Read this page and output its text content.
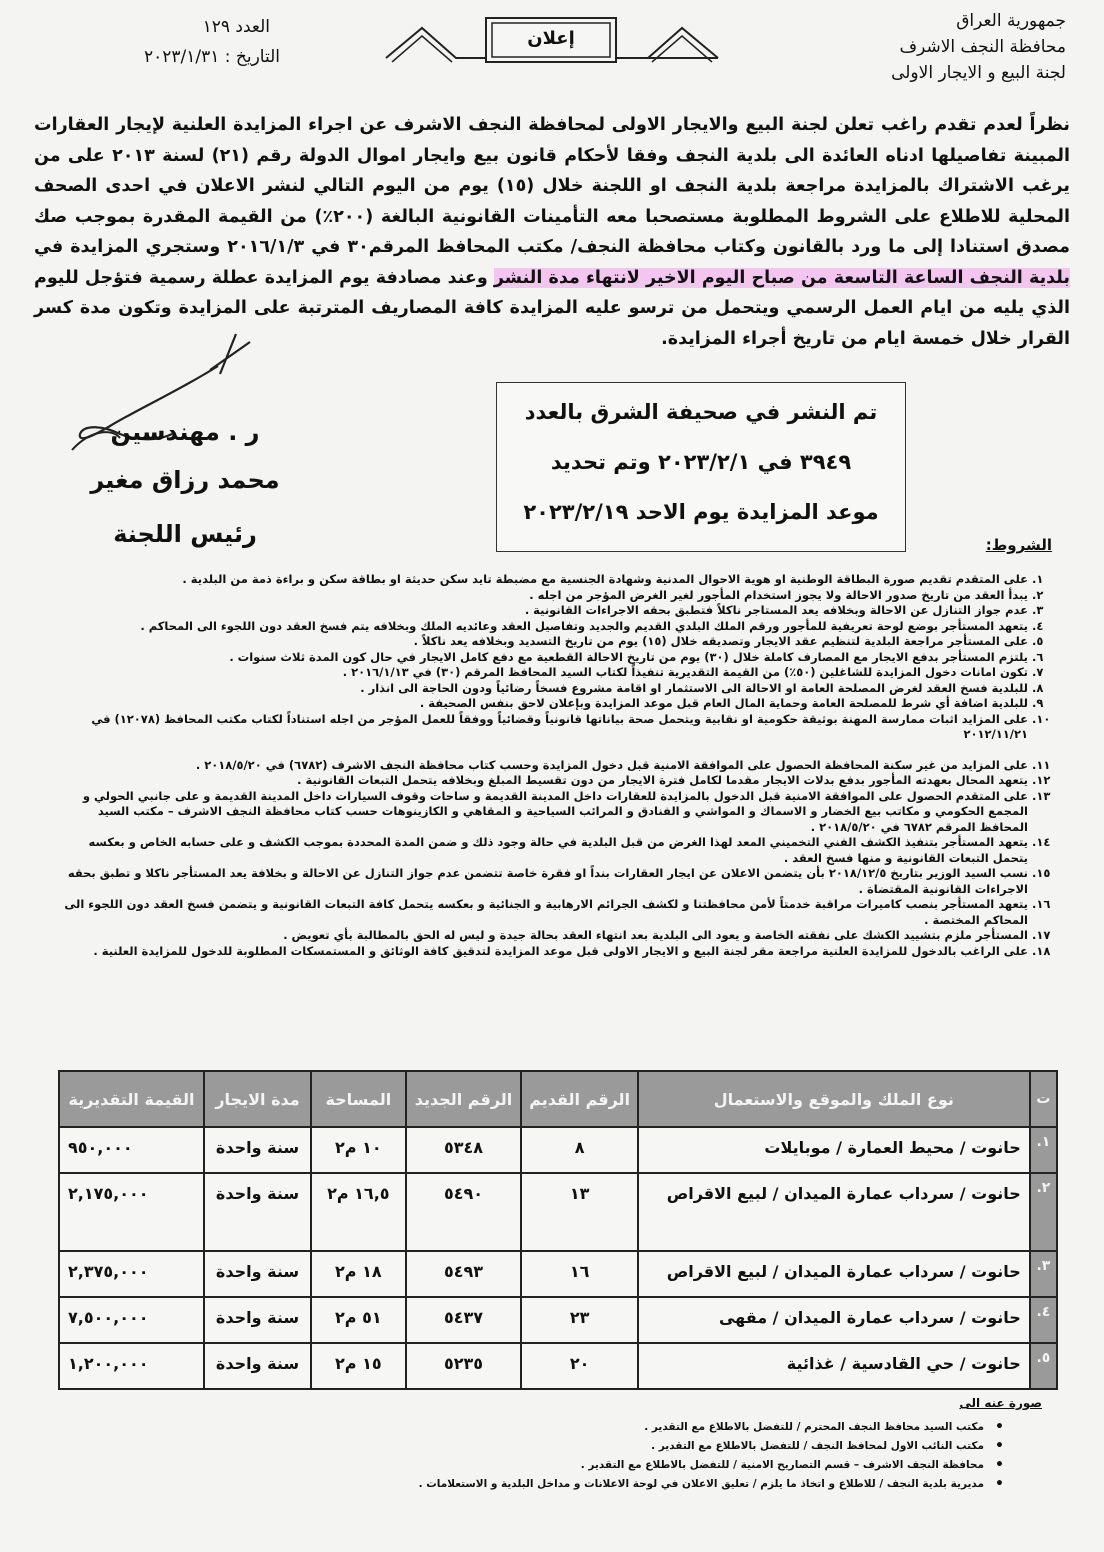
جمهورية العراق
محافظة النجف الاشرف
لجنة البيع و الايجار الاولى
إعلان
العدد ١٢٩
التاريخ : ٢٠٢٣/١/٣١
نظراً لعدم تقدم راغب تعلن لجنة البيع والايجار الاولى لمحافظة النجف الاشرف عن اجراء المزايدة العلنية لإيجار العقارات المبينة تفاصيلها ادناه العائدة الى بلدية النجف وفقا لأحكام قانون بيع وايجار اموال الدولة رقم (٢١) لسنة ٢٠١٣ على من يرغب الاشتراك بالمزايدة مراجعة بلدية النجف او اللجنة خلال (١٥) يوم من اليوم التالي لنشر الاعلان في احدى الصحف المحلية للاطلاع على الشروط المطلوبة مستصحبا معه التأمينات القانونية البالغة (٢٠٠٪) من القيمة المقدرة بموجب صك مصدق استنادا إلى ما ورد بالقانون وكتاب محافظة النجف/ مكتب المحافظ المرقم٣٠ في ٢٠١٦/١/٣ وستجري المزايدة في بلدية النجف الساعة التاسعة من صباح اليوم الاخير لانتهاء مدة النشر وعند مصادفة يوم المزايدة عطلة رسمية فتؤجل لليوم الذي يليه من ايام العمل الرسمي ويتحمل من ترسو عليه المزايدة كافة المصاريف المترتبة على المزايدة وتكون مدة كسر القرار خلال خمسة ايام من تاريخ أجراء المزايدة.
ر . مهندسين
محمد رزاق مغير
رئيس اللجنة
تم النشر في صحيفة الشرق بالعدد
٣٩٤٩ في ٢٠٢٣/٢/١ وتم تحديد
موعد المزايدة يوم الاحد ٢٠٢٣/٢/١٩
الشروط:
١.
على المتقدم تقديم صورة البطاقة الوطنية او هوية الاحوال المدنية وشهادة الجنسية مع مضبطة تايد سكن حديثة او بطاقة سكن و براءة ذمة من البلدية .
٢.
يبدأ العقد من تاريخ صدور الاحالة ولا يجوز استخدام المأجور لغير الغرض المؤجر من اجله .
٣.
عدم جواز التنازل عن الاحالة وبخلافه يعد المستاجر ناكلاً فتطبق بحقه الاجراءات القانونية .
٤.
يتعهد المستأجر بوضع لوحة تعريفية للمأجور ورقم الملك البلدي القديم والجديد وتفاصيل العقد وعائديه الملك وبخلافه يتم فسخ العقد دون اللجوء الى المحاكم .
٥.
على المستأجر مراجعة البلدية لتنظيم عقد الايجار وتصديقه خلال (١٥) يوم من تاريخ التسديد وبخلافه يعد ناكلاً .
٦.
يلتزم المستأجر بدفع الايجار مع المصارف كاملة خلال (٣٠) يوم من تاريخ الاحالة القطعية مع دفع كامل الايجار في حال كون المدة ثلاث سنوات .
٧.
تكون امانات دخول المزايدة للشاغلين (٥٠٪) من القيمة التقديرية تنفيذاً لكتاب السيد المحافظ المرقم (٣٠) في ٢٠١٦/١/١٣ .
٨.
للبلدية فسخ العقد لغرض المصلحة العامة او الاحالة الى الاستثمار او اقامة مشروع فسخاً رضائياً ودون الحاجة الى انذار .
٩.
للبلدية اضافة أي شرط للمصلحة العامة وحماية المال العام قبل موعد المزايدة وبإعلان لاحق بنفس الصحيفة .
١٠.
على المزايد اثبات ممارسة المهنة بوثيقة حكومية او نقابية ويتحمل صحة بياناتها قانونياً وقضائياً ووفقاً للعمل المؤجر من اجله استناداً لكتاب مكتب المحافظ (١٢٠٧٨) في ٢٠١٢/١١/٢١
١١.
على المزايد من غير سكنة المحافظة الحصول على الموافقة الامنية قبل دخول المزايدة وحسب كتاب محافظة النجف الاشرف (٦٧٨٢) في ٢٠١٨/٥/٢٠ .
١٢.
يتعهد المحال بعهدته المأجور بدفع بدلات الايجار مقدما لكامل فترة الايجار من دون تقسيط المبلغ وبخلافه يتحمل التبعات القانونية .
١٣.
على المتقدم الحصول على الموافقة الامنية قبل الدخول بالمزايدة للعقارات داخل المدينة القديمة و ساحات وقوف السيارات داخل المدينة القديمة و على جانبي الحولي و المجمع الحكومي و مكاتب بيع الخضار و الاسماك و المواشي و الفنادق و المرائب السياحية و المقاهي و الكازينوهات حسب كتاب محافظة النجف الاشرف – مكتب السيد المحافظ المرقم ٦٧٨٢ في ٢٠١٨/٥/٢٠ .
١٤.
يتعهد المستأجر بتنفيذ الكشف الفني التخميني المعد لهذا الغرض من قبل البلدية في حالة وجود ذلك و ضمن المدة المحددة بموجب الكشف و على حسابه الخاص و بعكسه يتحمل التبعات القانونية و منها فسخ العقد .
١٥.
نسب السيد الوزير بتاريخ ٢٠١٨/١٢/٥ بأن يتضمن الاعلان عن ايجار العقارات بنداً او فقرة خاصة تتضمن عدم جواز التنازل عن الاحالة و بخلافة يعد المستأجر ناكلا و تطبق بحقه الاجراءات القانونية المقتضاة .
١٦.
يتعهد المستأجر بنصب كاميرات مراقبة خدمتاً لأمن محافظتنا و لكشف الجرائم الارهابية و الجنائية و بعكسه يتحمل كافة التبعات القانونية و يتضمن فسخ العقد دون اللجوء الى المحاكم المختصة .
١٧.
المستأجر ملزم بتشييد الكشك على نفقته الخاصة و يعود الى البلدية بعد انتهاء العقد بحالة جيدة و ليس له الحق بالمطالبة بأي تعويض .
١٨.
على الراغب بالدخول للمزايدة العلنية مراجعة مقر لجنة البيع و الايجار الاولى قبل موعد المزايدة لتدقيق كافة الوثائق و المستمسكات المطلوبة للدخول للمزايدة العلنية .
ت	نوع الملك والموقع والاستعمال	الرقم القديم	الرقم الجديد	المساحة	مدة الايجار	القيمة التقديرية
١.	حانوت / محيط العمارة / موبايلات	٨	٥٣٤٨	١٠ م٢	سنة واحدة	٩٥٠,٠٠٠
٢.	حانوت / سرداب عمارة الميدان / لبيع الاقراص	١٣	٥٤٩٠	١٦,٥ م٢	سنة واحدة	٢,١٧٥,٠٠٠
٣.	حانوت / سرداب عمارة الميدان / لبيع الاقراص	١٦	٥٤٩٣	١٨ م٢	سنة واحدة	٢,٣٧٥,٠٠٠
٤.	حانوت / سرداب عمارة الميدان / مقهى	٢٣	٥٤٣٧	٥١ م٢	سنة واحدة	٧,٥٠٠,٠٠٠
٥.	حانوت / حي القادسية / غذائية	٢٠	٥٢٣٥	١٥ م٢	سنة واحدة	١,٢٠٠,٠٠٠
صورة عنه الى
• مكتب السيد محافظ النجف المحترم / للتفضل بالاطلاع مع التقدير .
• مكتب النائب الاول لمحافظ النجف / للتفضل بالاطلاع مع التقدير .
• محافظة النجف الاشرف – قسم التصاريح الامنية / للتفضل بالاطلاع مع التقدير .
• مديرية بلدية النجف / للاطلاع و اتخاذ ما يلزم / تعليق الاعلان في لوحة الاعلانات و مداخل البلدية و الاستعلامات .
